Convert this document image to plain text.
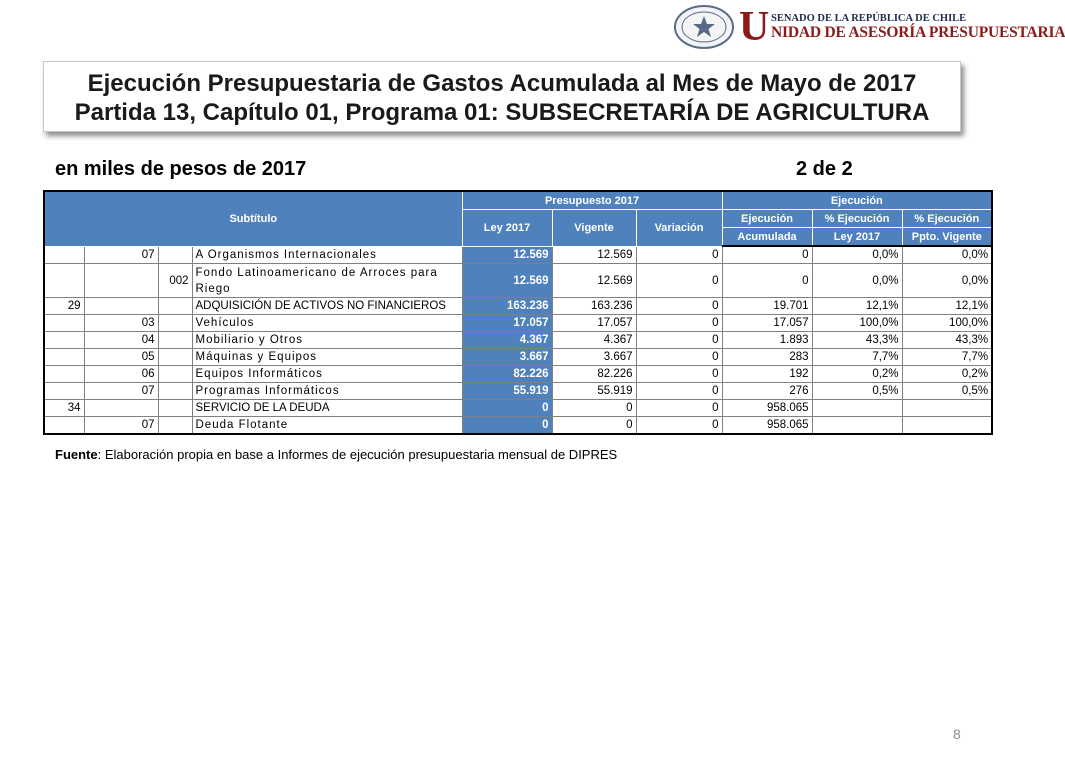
U SENADO DE LA REPÚBLICA DE CHILE
NIDAD DE ASESORÍA PRESUPUESTARIA
Ejecución Presupuestaria de Gastos Acumulada al Mes de Mayo de 2017
Partida 13, Capítulo 01, Programa 01: SUBSECRETARÍA DE AGRICULTURA
en miles de pesos de 2017	2 de 2
Subtítulo				Presupuesto 2017			Ejecución		
				Ley 2017	Vigente	Variación	Ejecución	% Ejecución	% Ejecución
							Acumulada	Ley 2017	Ppto. Vigente
	07		A Organismos Internacionales	12.569	12.569	0	0	0,0%	0,0%
		002	Fondo Latinoamericano de Arroces para Riego	12.569	12.569	0	0	0,0%	0,0%
29			ADQUISICIÓN DE ACTIVOS NO FINANCIEROS	163.236	163.236	0	19.701	12,1%	12,1%
	03		Vehículos	17.057	17.057	0	17.057	100,0%	100,0%
	04		Mobiliario y Otros	4.367	4.367	0	1.893	43,3%	43,3%
	05		Máquinas y Equipos	3.667	3.667	0	283	7,7%	7,7%
	06		Equipos Informáticos	82.226	82.226	0	192	0,2%	0,2%
	07		Programas Informáticos	55.919	55.919	0	276	0,5%	0,5%
34			SERVICIO DE LA DEUDA	0	0	0	958.065		
	07		Deuda Flotante	0	0	0	958.065		
Fuente: Elaboración propia en base a Informes de ejecución presupuestaria mensual de DIPRES
8
